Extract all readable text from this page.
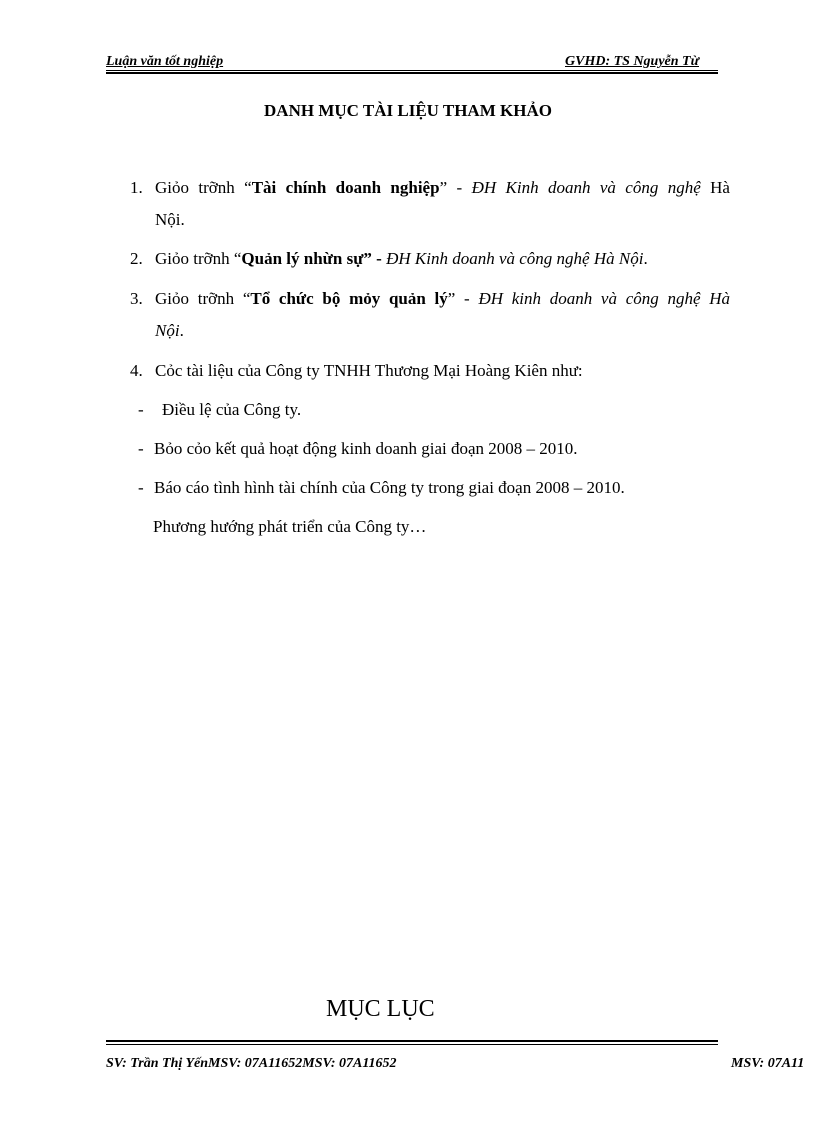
Luận văn tốt nghiệp	GVHD: TS Nguyễn Từ
DANH MỤC TÀI LIỆU THAM KHẢO
1. Giỏo trỡnh “Tài chính doanh nghiệp” - ĐH Kinh doanh và công nghệ Hà
Nội.
2. Giỏo trỡnh “Quản lý nhừn sự” - ĐH Kinh doanh và công nghệ Hà Nội.
3. Giỏo trỡnh “Tổ chức bộ mỏy quản lý” - ĐH kinh doanh và công nghệ Hà
Nội.
4. Cỏc tài liệu của Công ty TNHH Thương Mại Hoàng Kiên như:
- Điều lệ của Công ty.
- Bỏo cỏo kết quả hoạt động kinh doanh giai đoạn 2008 – 2010.
- Báo cáo tình hình tài chính của Công ty trong giai đoạn 2008 – 2010.
Phương hướng phát triển của Công ty…
MỤC LỤC
SV: Trần Thị YếnMSV: 07A11652MSV: 07A11652	MSV: 07A11
